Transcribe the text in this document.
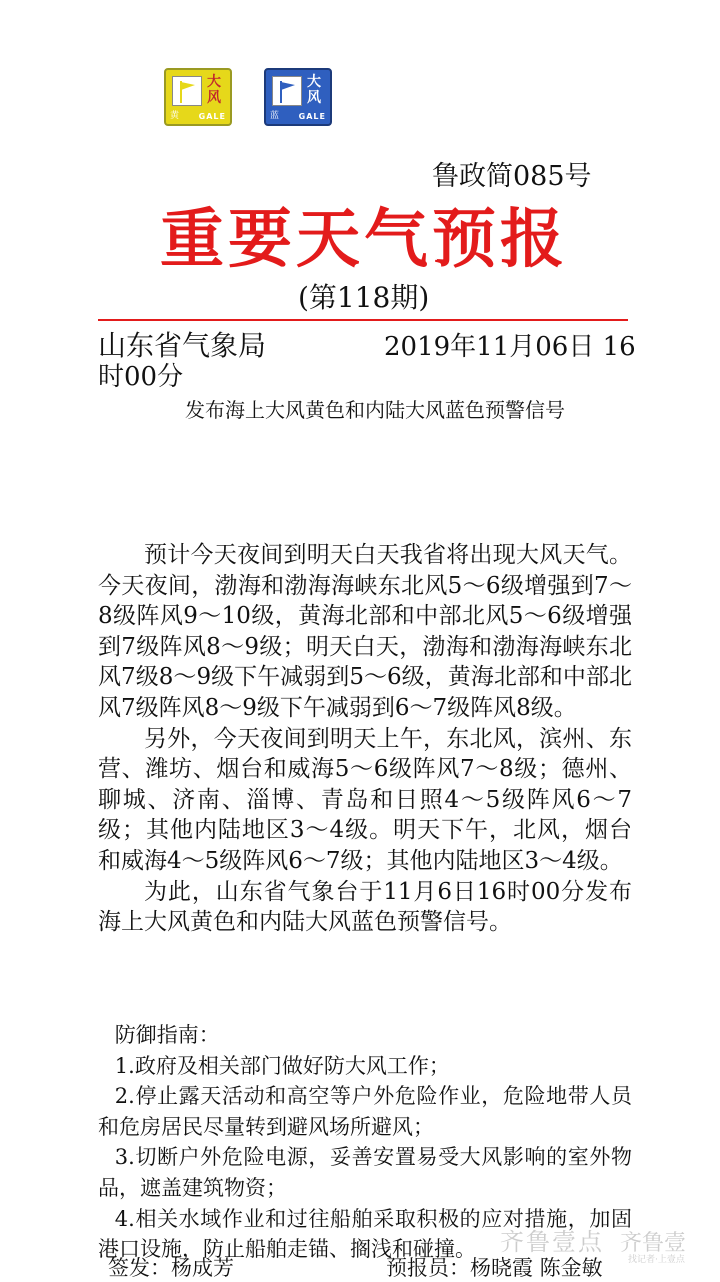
大风
黄 GALE
大风
蓝 GALE
鲁政简085号
重要天气预报
(第118期)
山东省气象局	2019年11月06日 16
时00分
发布海上大风黄色和内陆大风蓝色预警信号

预计今天夜间到明天白天我省将出现大风天气。今天夜间，渤海和渤海海峡东北风5～6级增强到7～8级阵风9～10级，黄海北部和中部北风5～6级增强到7级阵风8～9级；明天白天，渤海和渤海海峡东北风7级8～9级下午减弱到5～6级，黄海北部和中部北风7级阵风8～9级下午减弱到6～7级阵风8级。

另外，今天夜间到明天上午，东北风，滨州、东营、潍坊、烟台和威海5～6级阵风7～8级；德州、聊城、济南、淄博、青岛和日照4～5级阵风6～7级；其他内陆地区3～4级。明天下午，北风，烟台和威海4～5级阵风6～7级；其他内陆地区3～4级。

为此，山东省气象台于11月6日16时00分发布海上大风黄色和内陆大风蓝色预警信号。

防御指南：
1.政府及相关部门做好防大风工作；
2.停止露天活动和高空等户外危险作业，危险地带人员和危房居民尽量转到避风场所避风；
3.切断户外危险电源，妥善安置易受大风影响的室外物品，遮盖建筑物资；
4.相关水域作业和过往船舶采取积极的应对措施，加固港口设施，防止船舶走锚、搁浅和碰撞。
签发：杨成芳	预报员：杨晓霞 陈金敏
齐鲁壹点 齐鲁壹
找记者·上壹点
